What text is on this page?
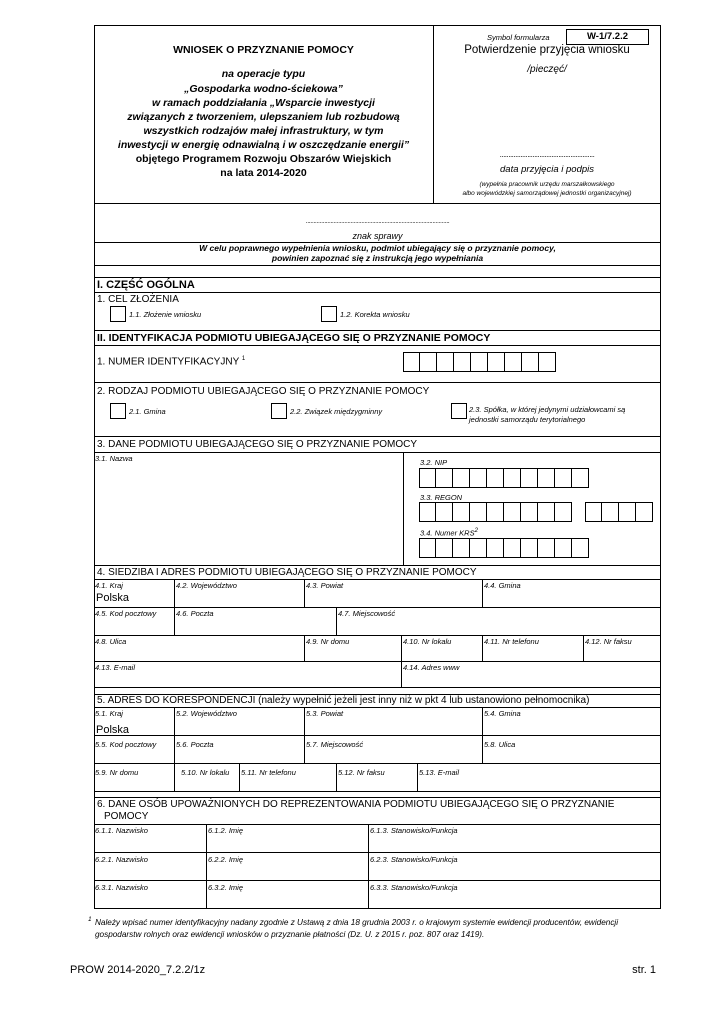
WNIOSEK O PRZYZNANIE POMOCY
na operacje typu
„Gospodarka wodno-ściekowa”
w ramach poddziałania „Wsparcie inwestycji
związanych z tworzeniem, ulepszaniem lub rozbudową
wszystkich rodzajów małej infrastruktury, w tym
inwestycji w energię odnawialną i w oszczędzanie energii”
objętego Programem Rozwoju Obszarów Wiejskich
na lata 2014-2020
Symbol formularza	W-1/7.2.2
Potwierdzenie przyjęcia wniosku
/pieczęć/
.......................................................
data przyjęcia i podpis
(wypełnia pracownik urzędu marszałkowskiego
albo wojewódzkiej samorządowej jednostki organizacyjnej)
.............................................................................................
znak sprawy
W celu poprawnego wypełnienia wniosku, podmiot ubiegający się o przyznanie pomocy,
powinien zapoznać się z instrukcją jego wypełniania
I. CZĘŚĆ OGÓLNA
1. CEL ZŁOŻENIA
1.1. Złożenie wniosku	1.2. Korekta wniosku
II. IDENTYFIKACJA PODMIOTU UBIEGAJĄCEGO SIĘ O PRZYZNANIE POMOCY
1. NUMER IDENTYFIKACYJNY $^1$
2. RODZAJ PODMIOTU UBIEGAJĄCEGO SIĘ O PRZYZNANIE POMOCY
2.1. Gmina	2.2. Związek międzygminny	2.3. Spółka, w której jedynymi udziałowcami są
jednostki samorządu terytorialnego
3. DANE PODMIOTU UBIEGAJĄCEGO SIĘ O PRZYZNANIE POMOCY
3.1. Nazwa	3.2. NIP
3.3. REGON
3.4. Numer KRS$^2$
4. SIEDZIBA I ADRES PODMIOTU UBIEGAJĄCEGO SIĘ O PRZYZNANIE POMOCY
4.1. Kraj
Polska
4.2. Województwo	4.3. Powiat	4.4. Gmina
4.5. Kod pocztowy	4.6. Poczta	4.7. Miejscowość
4.8. Ulica	4.9. Nr domu	4.10. Nr lokalu	4.11. Nr telefonu	4.12. Nr faksu
4.13. E-mail	4.14. Adres www
5. ADRES DO KORESPONDENCJI (należy wypełnić jeżeli jest inny niż w pkt 4 lub ustanowiono pełnomocnika)
5.1. Kraj
Polska
5.2. Województwo	5.3. Powiat	5.4. Gmina
5.5. Kod pocztowy	5.6. Poczta	5.7. Miejscowość	5.8. Ulica
5.9. Nr domu	5.10. Nr lokalu 5.11. Nr telefonu	5.12. Nr faksu	5.13. E-mail
6. DANE OSÓB UPOWAŻNIONYCH DO REPREZENTOWANIA PODMIOTU UBIEGAJĄCEGO SIĘ O PRZYZNANIE
POMOCY
6.1.1. Nazwisko	6.1.2. Imię	6.1.3. Stanowisko/Funkcja
6.2.1. Nazwisko	6.2.2. Imię	6.2.3. Stanowisko/Funkcja
6.3.1. Nazwisko	6.3.2. Imię	6.3.3. Stanowisko/Funkcja
1 Należy wpisać numer identyfikacyjny nadany zgodnie z Ustawą z dnia 18 grudnia 2003 r. o krajowym systemie ewidencji producentów, ewidencji
gospodarstw rolnych oraz ewidencji wniosków o przyznanie płatności (Dz. U. z 2015 r. poz. 807 oraz 1419).
PROW 2014-2020_7.2.2/1z	str. 1
